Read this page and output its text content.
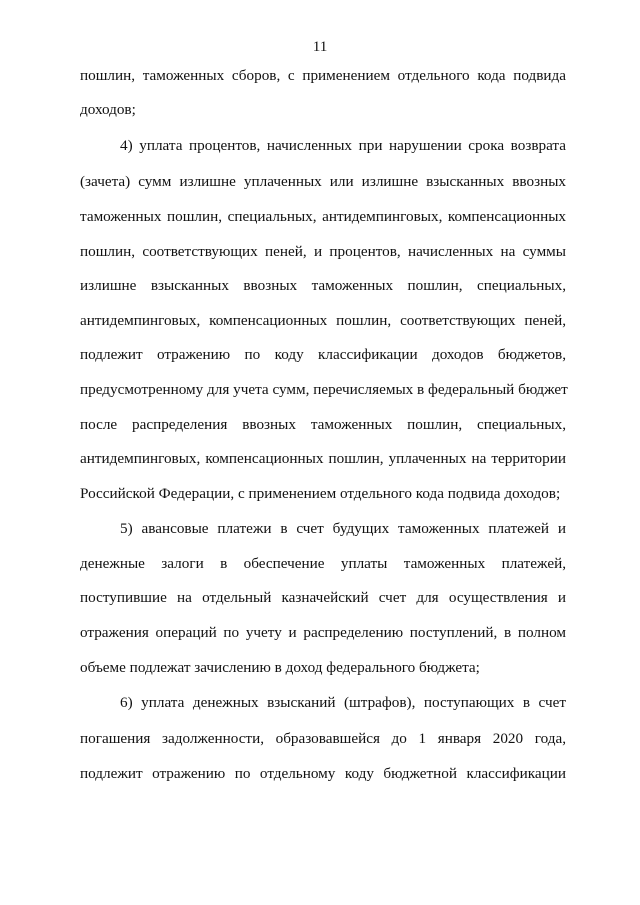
11
пошлин, таможенных сборов, с применением отдельного кода подвида
доходов;
4) уплата процентов, начисленных при нарушении срока возврата
(зачета) сумм излишне уплаченных или излишне взысканных ввозных
таможенных пошлин, специальных, антидемпинговых, компенсационных
пошлин, соответствующих пеней, и процентов, начисленных на суммы
излишне взысканных ввозных таможенных пошлин, специальных,
антидемпинговых, компенсационных пошлин, соответствующих пеней,
подлежит отражению по коду классификации доходов бюджетов,
предусмотренному для учета сумм, перечисляемых в федеральный бюджет
после распределения ввозных таможенных пошлин, специальных,
антидемпинговых, компенсационных пошлин, уплаченных на территории
Российской Федерации, с применением отдельного кода подвида доходов;
5) авансовые платежи в счет будущих таможенных платежей и
денежные залоги в обеспечение уплаты таможенных платежей,
поступившие на отдельный казначейский счет для осуществления и
отражения операций по учету и распределению поступлений, в полном
объеме подлежат зачислению в доход федерального бюджета;
6) уплата денежных взысканий (штрафов), поступающих в счет
погашения задолженности, образовавшейся до 1 января 2020 года,
подлежит отражению по отдельному коду бюджетной классификации
